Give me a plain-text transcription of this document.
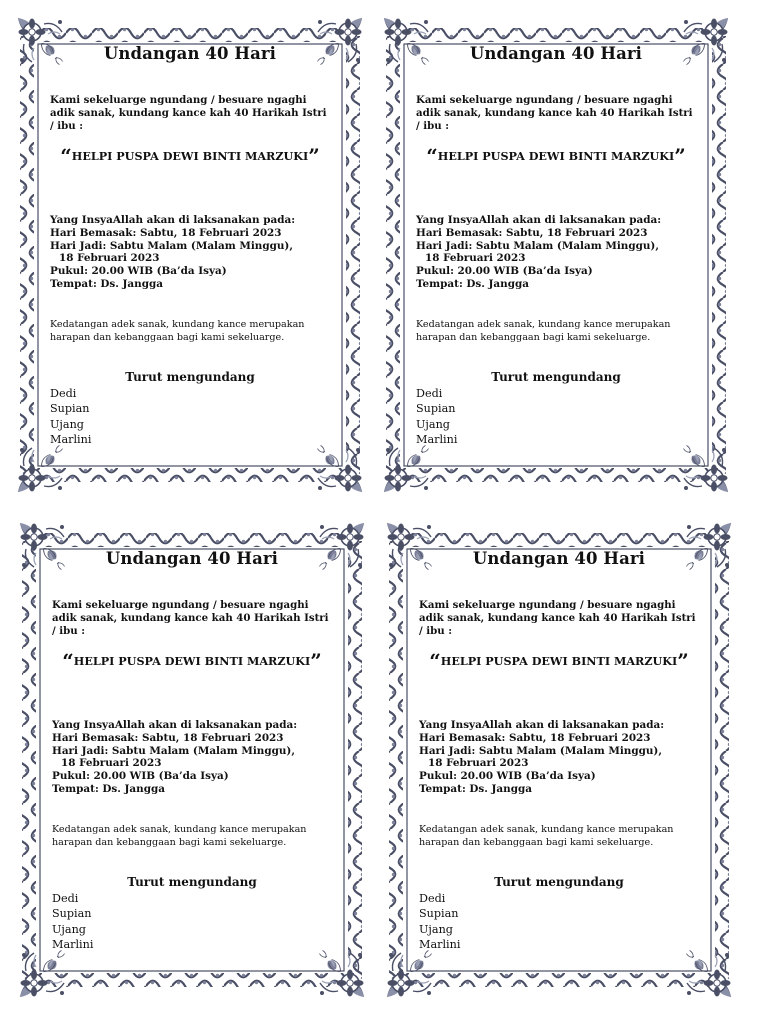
Undangan 40 Hari
Kami sekeluarge ngundang / besuare ngaghi adik sanak, kundang kance kah 40 Harikah Istri / ibu :
“HELPI PUSPA DEWI BINTI MARZUKI”
Yang InsyaAllah akan di laksanakan pada:
Hari Bemasak: Sabtu, 18 Februari 2023
Hari Jadi: Sabtu Malam (Malam Minggu),
18 Februari 2023
Pukul: 20.00 WIB (Ba’da Isya)
Tempat: Ds. Jangga
Kedatangan adek sanak, kundang kance merupakan harapan dan kebanggaan bagi kami sekeluarge.
Turut mengundang
Dedi
Supian
Ujang
Marlini
Undangan 40 Hari
Kami sekeluarge ngundang / besuare ngaghi adik sanak, kundang kance kah 40 Harikah Istri / ibu :
“HELPI PUSPA DEWI BINTI MARZUKI”
Yang InsyaAllah akan di laksanakan pada:
Hari Bemasak: Sabtu, 18 Februari 2023
Hari Jadi: Sabtu Malam (Malam Minggu),
18 Februari 2023
Pukul: 20.00 WIB (Ba’da Isya)
Tempat: Ds. Jangga
Kedatangan adek sanak, kundang kance merupakan harapan dan kebanggaan bagi kami sekeluarge.
Turut mengundang
Dedi
Supian
Ujang
Marlini
Undangan 40 Hari
Kami sekeluarge ngundang / besuare ngaghi adik sanak, kundang kance kah 40 Harikah Istri / ibu :
“HELPI PUSPA DEWI BINTI MARZUKI”
Yang InsyaAllah akan di laksanakan pada:
Hari Bemasak: Sabtu, 18 Februari 2023
Hari Jadi: Sabtu Malam (Malam Minggu),
18 Februari 2023
Pukul: 20.00 WIB (Ba’da Isya)
Tempat: Ds. Jangga
Kedatangan adek sanak, kundang kance merupakan harapan dan kebanggaan bagi kami sekeluarge.
Turut mengundang
Dedi
Supian
Ujang
Marlini
Undangan 40 Hari
Kami sekeluarge ngundang / besuare ngaghi adik sanak, kundang kance kah 40 Harikah Istri / ibu :
“HELPI PUSPA DEWI BINTI MARZUKI”
Yang InsyaAllah akan di laksanakan pada:
Hari Bemasak: Sabtu, 18 Februari 2023
Hari Jadi: Sabtu Malam (Malam Minggu),
18 Februari 2023
Pukul: 20.00 WIB (Ba’da Isya)
Tempat: Ds. Jangga
Kedatangan adek sanak, kundang kance merupakan harapan dan kebanggaan bagi kami sekeluarge.
Turut mengundang
Dedi
Supian
Ujang
Marlini
